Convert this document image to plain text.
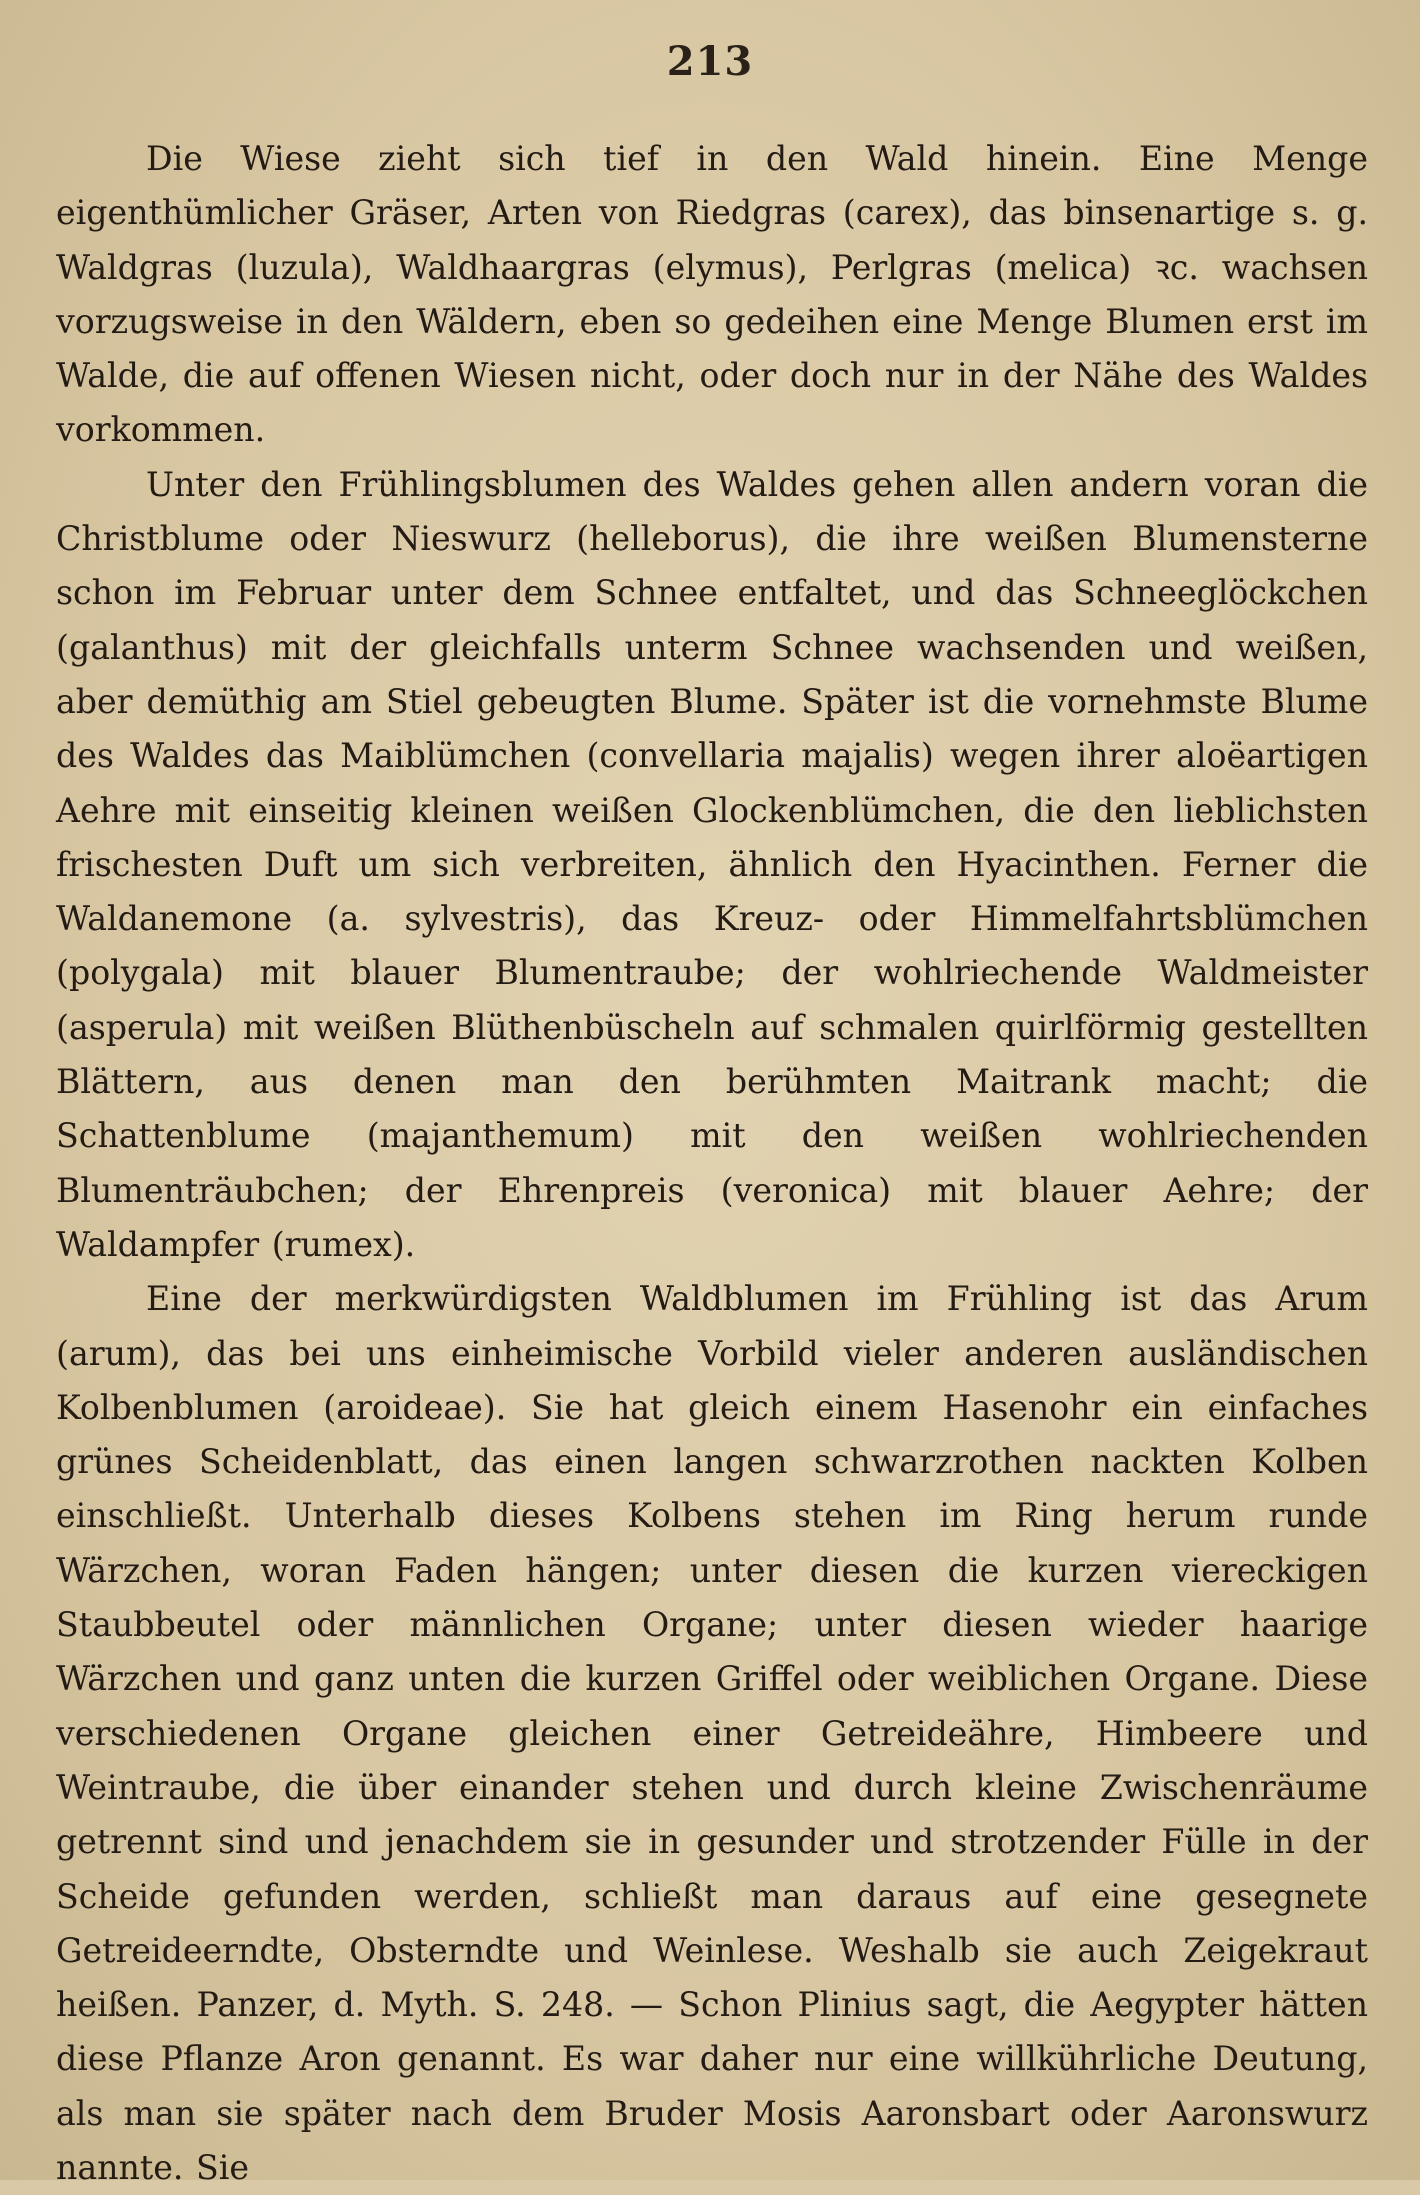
213

Die Wiese zieht sich tief in den Wald hinein. Eine Menge eigenthümlicher Gräser, Arten von Riedgras (carex), das binsenartige s. g. Waldgras (luzula), Waldhaargras (elymus), Perlgras (melica) ꝛc. wachsen vorzugsweise in den Wäldern, eben so gedeihen eine Menge Blumen erst im Walde, die auf offenen Wiesen nicht, oder doch nur in der Nähe des Waldes vorkommen.

Unter den Frühlingsblumen des Waldes gehen allen andern voran die Christblume oder Nieswurz (helleborus), die ihre weißen Blumensterne schon im Februar unter dem Schnee entfaltet, und das Schneeglöckchen (galanthus) mit der gleichfalls unterm Schnee wachsenden und weißen, aber demüthig am Stiel gebeugten Blume. Später ist die vornehmste Blume des Waldes das Maiblümchen (convellaria majalis) wegen ihrer aloëartigen Aehre mit einseitig kleinen weißen Glockenblümchen, die den lieblichsten frischesten Duft um sich verbreiten, ähnlich den Hyacinthen. Ferner die Waldanemone (a. sylvestris), das Kreuz- oder Himmelfahrtsblümchen (polygala) mit blauer Blumentraube; der wohlriechende Waldmeister (asperula) mit weißen Blüthenbüscheln auf schmalen quirlförmig gestellten Blättern, aus denen man den berühmten Maitrank macht; die Schattenblume (majanthemum) mit den weißen wohlriechenden Blumenträubchen; der Ehrenpreis (veronica) mit blauer Aehre; der Waldampfer (rumex).

Eine der merkwürdigsten Waldblumen im Frühling ist das Arum (arum), das bei uns einheimische Vorbild vieler anderen ausländischen Kolbenblumen (aroideae). Sie hat gleich einem Hasenohr ein einfaches grünes Scheidenblatt, das einen langen schwarzrothen nackten Kolben einschließt. Unterhalb dieses Kolbens stehen im Ring herum runde Wärzchen, woran Faden hängen; unter diesen die kurzen viereckigen Staubbeutel oder männlichen Organe; unter diesen wieder haarige Wärzchen und ganz unten die kurzen Griffel oder weiblichen Organe. Diese verschiedenen Organe gleichen einer Getreideähre, Himbeere und Weintraube, die über einander stehen und durch kleine Zwischenräume getrennt sind und jenachdem sie in gesunder und strotzender Fülle in der Scheide gefunden werden, schließt man daraus auf eine gesegnete Getreideerndte, Obsterndte und Weinlese. Weshalb sie auch Zeigekraut heißen. Panzer, d. Myth. S. 248. — Schon Plinius sagt, die Aegypter hätten diese Pflanze Aron genannt. Es war daher nur eine willkührliche Deutung, als man sie später nach dem Bruder Mosis Aaronsbart oder Aaronswurz nannte. Sie
